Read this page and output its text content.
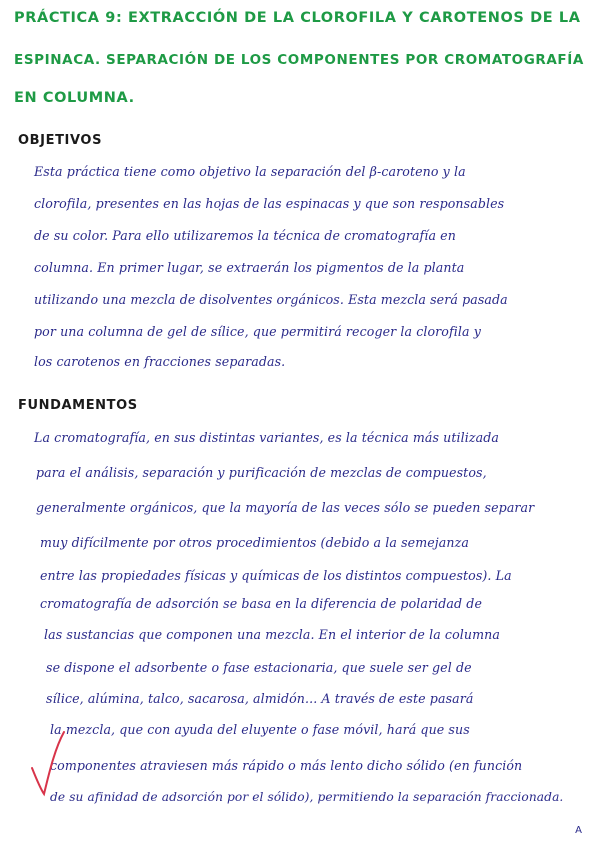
PRÁCTICA 9: EXTRACCIÓN DE LA CLOROFILA Y CAROTENOS DE LA
ESPINACA. SEPARACIÓN DE LOS COMPONENTES POR CROMATOGRAFÍA
EN COLUMNA.
OBJETIVOS
Esta práctica tiene como objetivo la separación del β-caroteno y la
clorofila, presentes en las hojas de las espinacas y que son responsables
de su color. Para ello utilizaremos la técnica de cromatografía en
columna. En primer lugar, se extraerán los pigmentos de la planta
utilizando una mezcla de disolventes orgánicos. Esta mezcla será pasada
por una columna de gel de sílice, que permitirá recoger la clorofila y
los carotenos en fracciones separadas.
FUNDAMENTOS
La cromatografía, en sus distintas variantes, es la técnica más utilizada
para el análisis, separación y purificación de mezclas de compuestos,
generalmente orgánicos, que la mayoría de las veces sólo se pueden separar
muy difícilmente por otros procedimientos (debido a la semejanza
entre las propiedades físicas y químicas de los distintos compuestos). La
cromatografía de adsorción se basa en la diferencia de polaridad de
las sustancias que componen una mezcla. En el interior de la columna
se dispone el adsorbente o fase estacionaria, que suele ser gel de
sílice, alúmina, talco, sacarosa, almidón... A través de este pasará
la mezcla, que con ayuda del eluyente o fase móvil, hará que sus
componentes atraviesen más rápido o más lento dicho sólido (en función
de su afinidad de adsorción por el sólido), permitiendo la separación fraccionada.
A
